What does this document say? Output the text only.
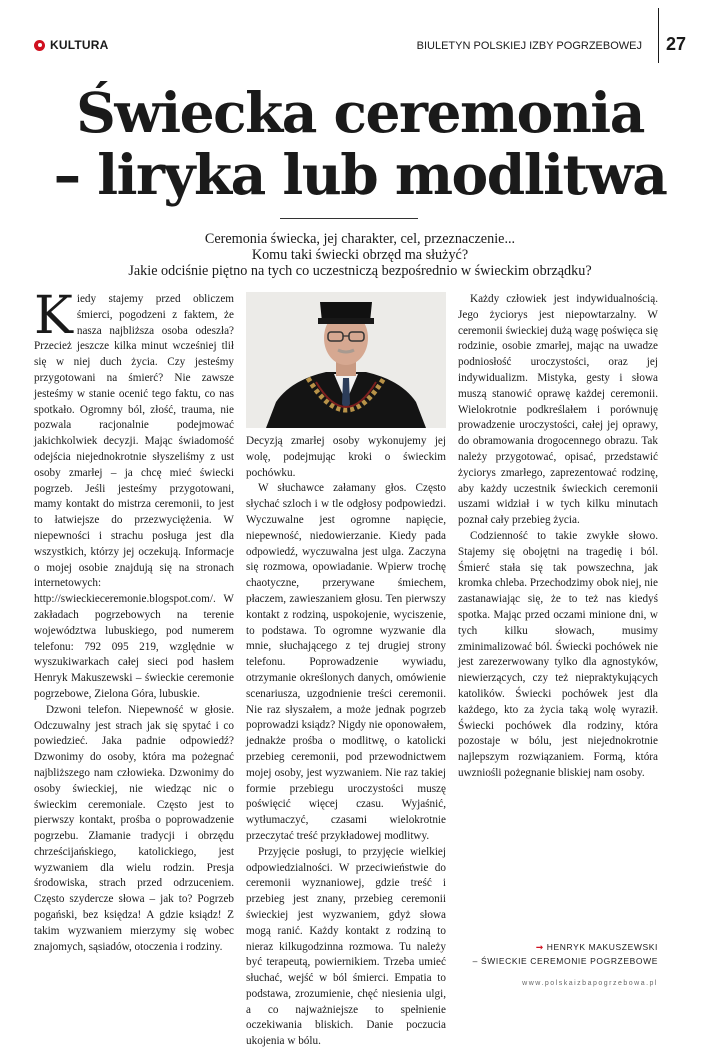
KULTURA	BIULETYN POLSKIEJ IZBY POGRZEBOWEJ 27
Świecka ceremonia
– liryka lub modlitwa
Ceremonia świecka, jej charakter, cel, przeznaczenie...
Komu taki świecki obrzęd ma służyć?
Jakie odciśnie piętno na tych co uczestniczą bezpośrednio w świeckim obrządku?

Kiedy stajemy przed obliczem śmierci, pogodzeni z faktem, że nasza najbliższa osoba odeszła? Przecież jeszcze kilka minut wcześniej tlił się w niej duch życia. Czy jesteśmy przygotowani na śmierć? Nie zawsze jesteśmy w stanie ocenić tego faktu, co nas spotkało. Ogromny ból, złość, trauma, nie pozwala racjonalnie podejmować jakichkolwiek decyzji. Mając świadomość odejścia niejednokrotnie słyszeliśmy z ust osoby zmarłej – ja chcę mieć świecki pogrzeb. Jeśli jesteśmy przygotowani, mamy kontakt do mistrza ceremonii, to jest to łatwiejsze do przezwyciężenia. W niepewności i strachu posługa jest dla wszystkich, którzy jej oczekują. Informacje o mojej osobie znajdują się na stronach internetowych: http://swieckieceremonie.blogspot.com/. W zakładach pogrzebowych na terenie województwa lubuskiego, pod numerem telefonu: 792 095 219, względnie w wyszukiwarkach całej sieci pod hasłem Henryk Makuszewski – świeckie ceremonie pogrzebowe, Zielona Góra, lubuskie.

Dzwoni telefon. Niepewność w głosie. Odczuwalny jest strach jak się spytać i co powiedzieć. Jaka padnie odpowiedź? Dzwonimy do osoby, która ma pożegnać najbliższego nam człowieka. Dzwonimy do osoby świeckiej, nie wiedząc nic o świeckim ceremoniale. Często jest to pierwszy kontakt, prośba o poprowadzenie pogrzebu. Złamanie tradycji i obrzędu chrześcijańskiego, katolickiego, jest wyzwaniem dla wielu rodzin. Presja środowiska, strach przed odrzuceniem. Często szydercze słowa – jak to? Pogrzeb pogański, bez księdza! A gdzie ksiądz! Z takim wyzwaniem mierzymy się wobec znajomych, sąsiadów, otoczenia i rodziny.

Decyzją zmarłej osoby wykonujemy jej wolę, podejmując kroki o świeckim pochówku.

W słuchawce załamany głos. Często słychać szloch i w tle odgłosy podpowiedzi. Wyczuwalne jest ogromne napięcie, niepewność, niedowierzanie. Kiedy pada odpowiedź, wyczuwalna jest ulga. Zaczyna się rozmowa, opowiadanie. Wpierw trochę chaotyczne, przerywane śmiechem, płaczem, zawieszaniem głosu. Ten pierwszy kontakt z rodziną, uspokojenie, wyciszenie, to podstawa. To ogromne wyzwanie dla mnie, słuchającego z tej drugiej strony telefonu. Poprowadzenie wywiadu, otrzymanie określonych danych, omówienie scenariusza, uzgodnienie treści ceremonii. Nie raz słyszałem, a może jednak pogrzeb poprowadzi ksiądz? Nigdy nie oponowałem, jednakże prośba o modlitwę, o katolicki przebieg ceremonii, pod przewodnictwem mojej osoby, jest wyzwaniem. Nie raz takiej formie przebiegu uroczystości muszę poświęcić więcej czasu. Wyjaśnić, wytłumaczyć, czasami wielokrotnie przeczytać treść przykładowej modlitwy.

Przyjęcie posługi, to przyjęcie wielkiej odpowiedzialności. W przeciwieństwie do ceremonii wyznaniowej, gdzie treść i przebieg jest znany, przebieg ceremonii świeckiej jest wyzwaniem, gdyż słowa mogą ranić. Każdy kontakt z rodziną to nieraz kilkugodzinna rozmowa. Tu należy być terapeutą, powiernikiem. Trzeba umieć słuchać, wejść w ból śmierci. Empatia to podstawa, zrozumienie, chęć niesienia ulgi, a co najważniejsze to spełnienie oczekiwania bliskich. Danie poczucia ukojenia w bólu.

Każdy człowiek jest indywidualnością. Jego życiorys jest niepowtarzalny. W ceremonii świeckiej dużą wagę poświęca się rodzinie, osobie zmarłej, mając na uwadze podniosłość uroczystości, oraz jej indywidualizm. Mistyka, gesty i słowa muszą stanowić oprawę każdej ceremonii. Wielokrotnie podkreślałem i porównuję prowadzenie uroczystości, całej jej oprawy, do obramowania drogocennego obrazu. Tak należy przygotować, opisać, przedstawić życiorys zmarłego, zaprezentować rodzinę, aby każdy uczestnik świeckich ceremonii uszami widział i w tych kilku minutach poznał cały przebieg życia.

Codzienność to takie zwykłe słowo. Stajemy się obojętni na tragedię i ból. Śmierć stała się tak powszechna, jak kromka chleba. Przechodzimy obok niej, nie zastanawiając się, że to też nas kiedyś spotka. Mając przed oczami minione dni, w tych kilku słowach, musimy zminimalizować ból. Świecki pochówek nie jest zarezerwowany tylko dla agnostyków, niewierzących, czy też niepraktykujących katolików. Świecki pochówek jest dla każdego, kto za życia taką wolę wyraził. Świecki pochówek dla rodziny, która pozostaje w bólu, jest niejednokrotnie najlepszym rozwiązaniem. Formą, która uwzniośli pożegnanie bliskiej nam osoby.

➞ HENRYK MAKUSZEWSKI
– ŚWIECKIE CEREMONIE POGRZEBOWE
www.polskaizbapogrzebowa.pl
